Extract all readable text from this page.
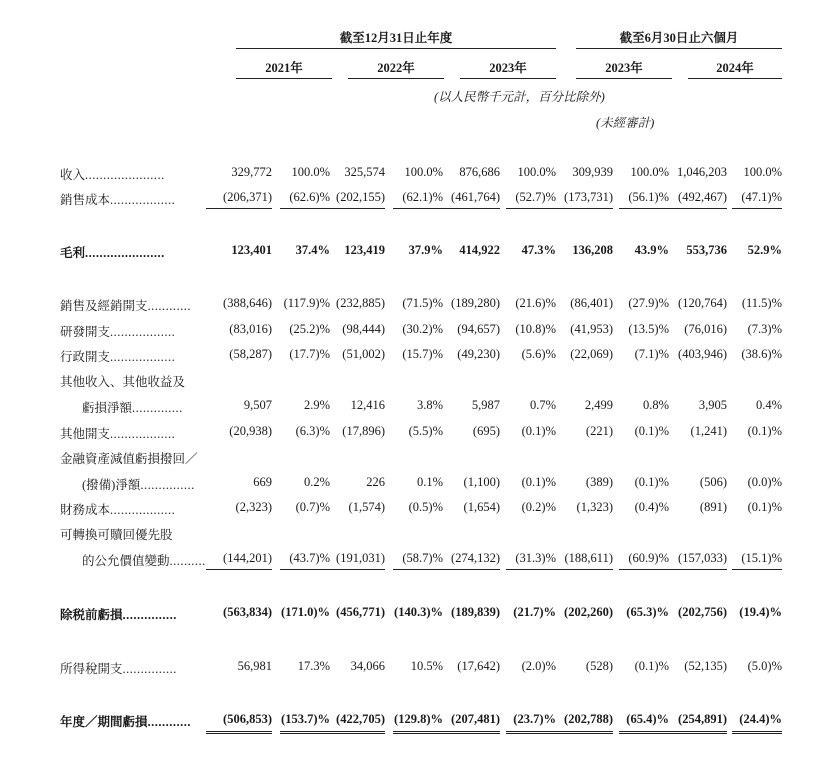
截至12月31日止年度	截至6月30日止六個月
2021年	2022年	2023年	2023年	2024年
(以人民幣千元計，百分比除外)
(未經審計)
收入......................	329,772	100.0%	325,574	100.0%	876,686	100.0%	309,939	100.0% 1,046,203	100.0%
銷售成本..................	(206,371)	(62.6)% (202,155)	(62.1)% (461,764)	(52.7)% (173,731)	(56.1)% (492,467)	(47.1)%
毛利......................	123,401	37.4%	123,419	37.9%	414,922	47.3%	136,208	43.9%	553,736	52.9%
銷售及經銷開支............	(388,646) (117.9)% (232,885)	(71.5)% (189,280)	(21.6)%	(86,401)	(27.9)% (120,764)	(11.5)%
研發開支..................	(83,016)	(25.2)% (98,444)	(30.2)%	(94,657)	(10.8)%	(41,953)	(13.5)%	(76,016)	(7.3)%
行政開支..................	(58,287)	(17.7)% (51,002)	(15.7)%	(49,230)	(5.6)%	(22,069)	(7.1)% (403,946)	(38.6)%
其他收入、其他收益及
虧損淨額..............	9,507	2.9%	12,416	3.8%	5,987	0.7%	2,499	0.8%	3,905	0.4%
其他開支..................	(20,938)	(6.3)% (17,896)	(5.5)%	(695)	(0.1)%	(221)	(0.1)%	(1,241)	(0.1)%
金融資產減值虧損撥回／
(撥備)淨額...............	669	0.2%	226	0.1%	(1,100)	(0.1)%	(389)	(0.1)%	(506)	(0.0)%
財務成本..................	(2,323)	(0.7)%	(1,574)	(0.5)%	(1,654)	(0.2)%	(1,323)	(0.4)%	(891)	(0.1)%
可轉換可贖回優先股
的公允價值變動..........	(144,201)	(43.7)% (191,031)	(58.7)% (274,132)	(31.3)% (188,611)	(60.9)% (157,033)	(15.1)%
除税前虧損...............	(563,834) (171.0)% (456,771) (140.3)% (189,839)	(21.7)% (202,260)	(65.3)% (202,756) (19.4)%
所得稅開支...............	56,981	17.3%	34,066	10.5%	(17,642)	(2.0)%	(528)	(0.1)%	(52,135)	(5.0)%
年度／期間虧損............	(506,853) (153.7)% (422,705) (129.8)% (207,481)	(23.7)% (202,788)	(65.4)% (254,891) (24.4)%
